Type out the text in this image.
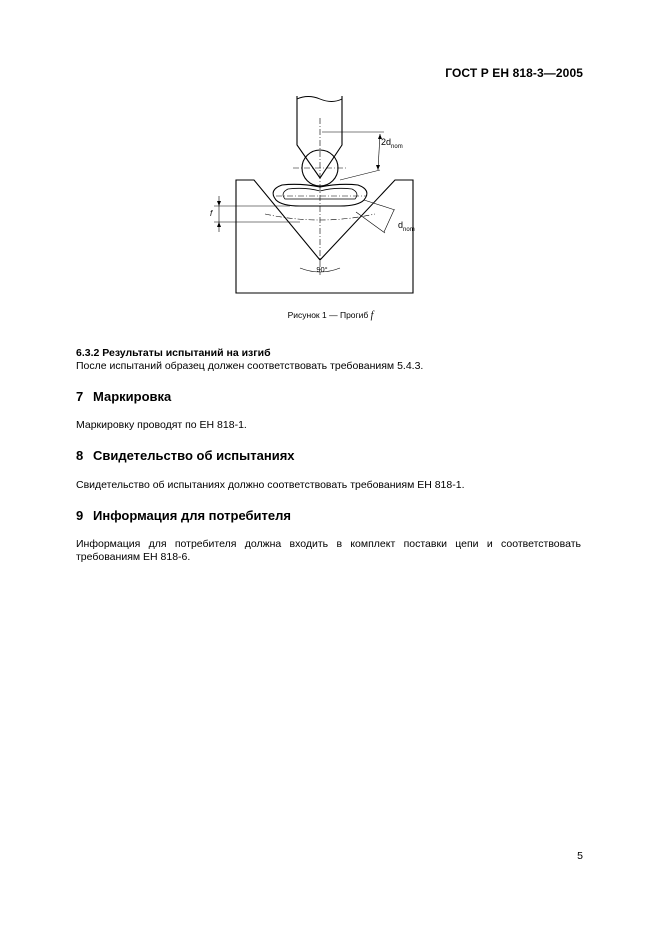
ГОСТ Р ЕН 818-3—2005
$2d_{nom}$
$d_{nom}$
f
90°
Рисунок 1 — Прогиб f
6.3.2 Результаты испытаний на изгиб
После испытаний образец должен соответствовать требованиям 5.4.3.
7 Маркировка
Маркировку проводят по ЕН 818-1.
8 Свидетельство об испытаниях
Свидетельство об испытаниях должно соответствовать требованиям ЕН 818-1.
9 Информация для потребителя
Информация для потребителя должна входить в комплект поставки цепи и соответствовать требованиям ЕН 818-6.
5
